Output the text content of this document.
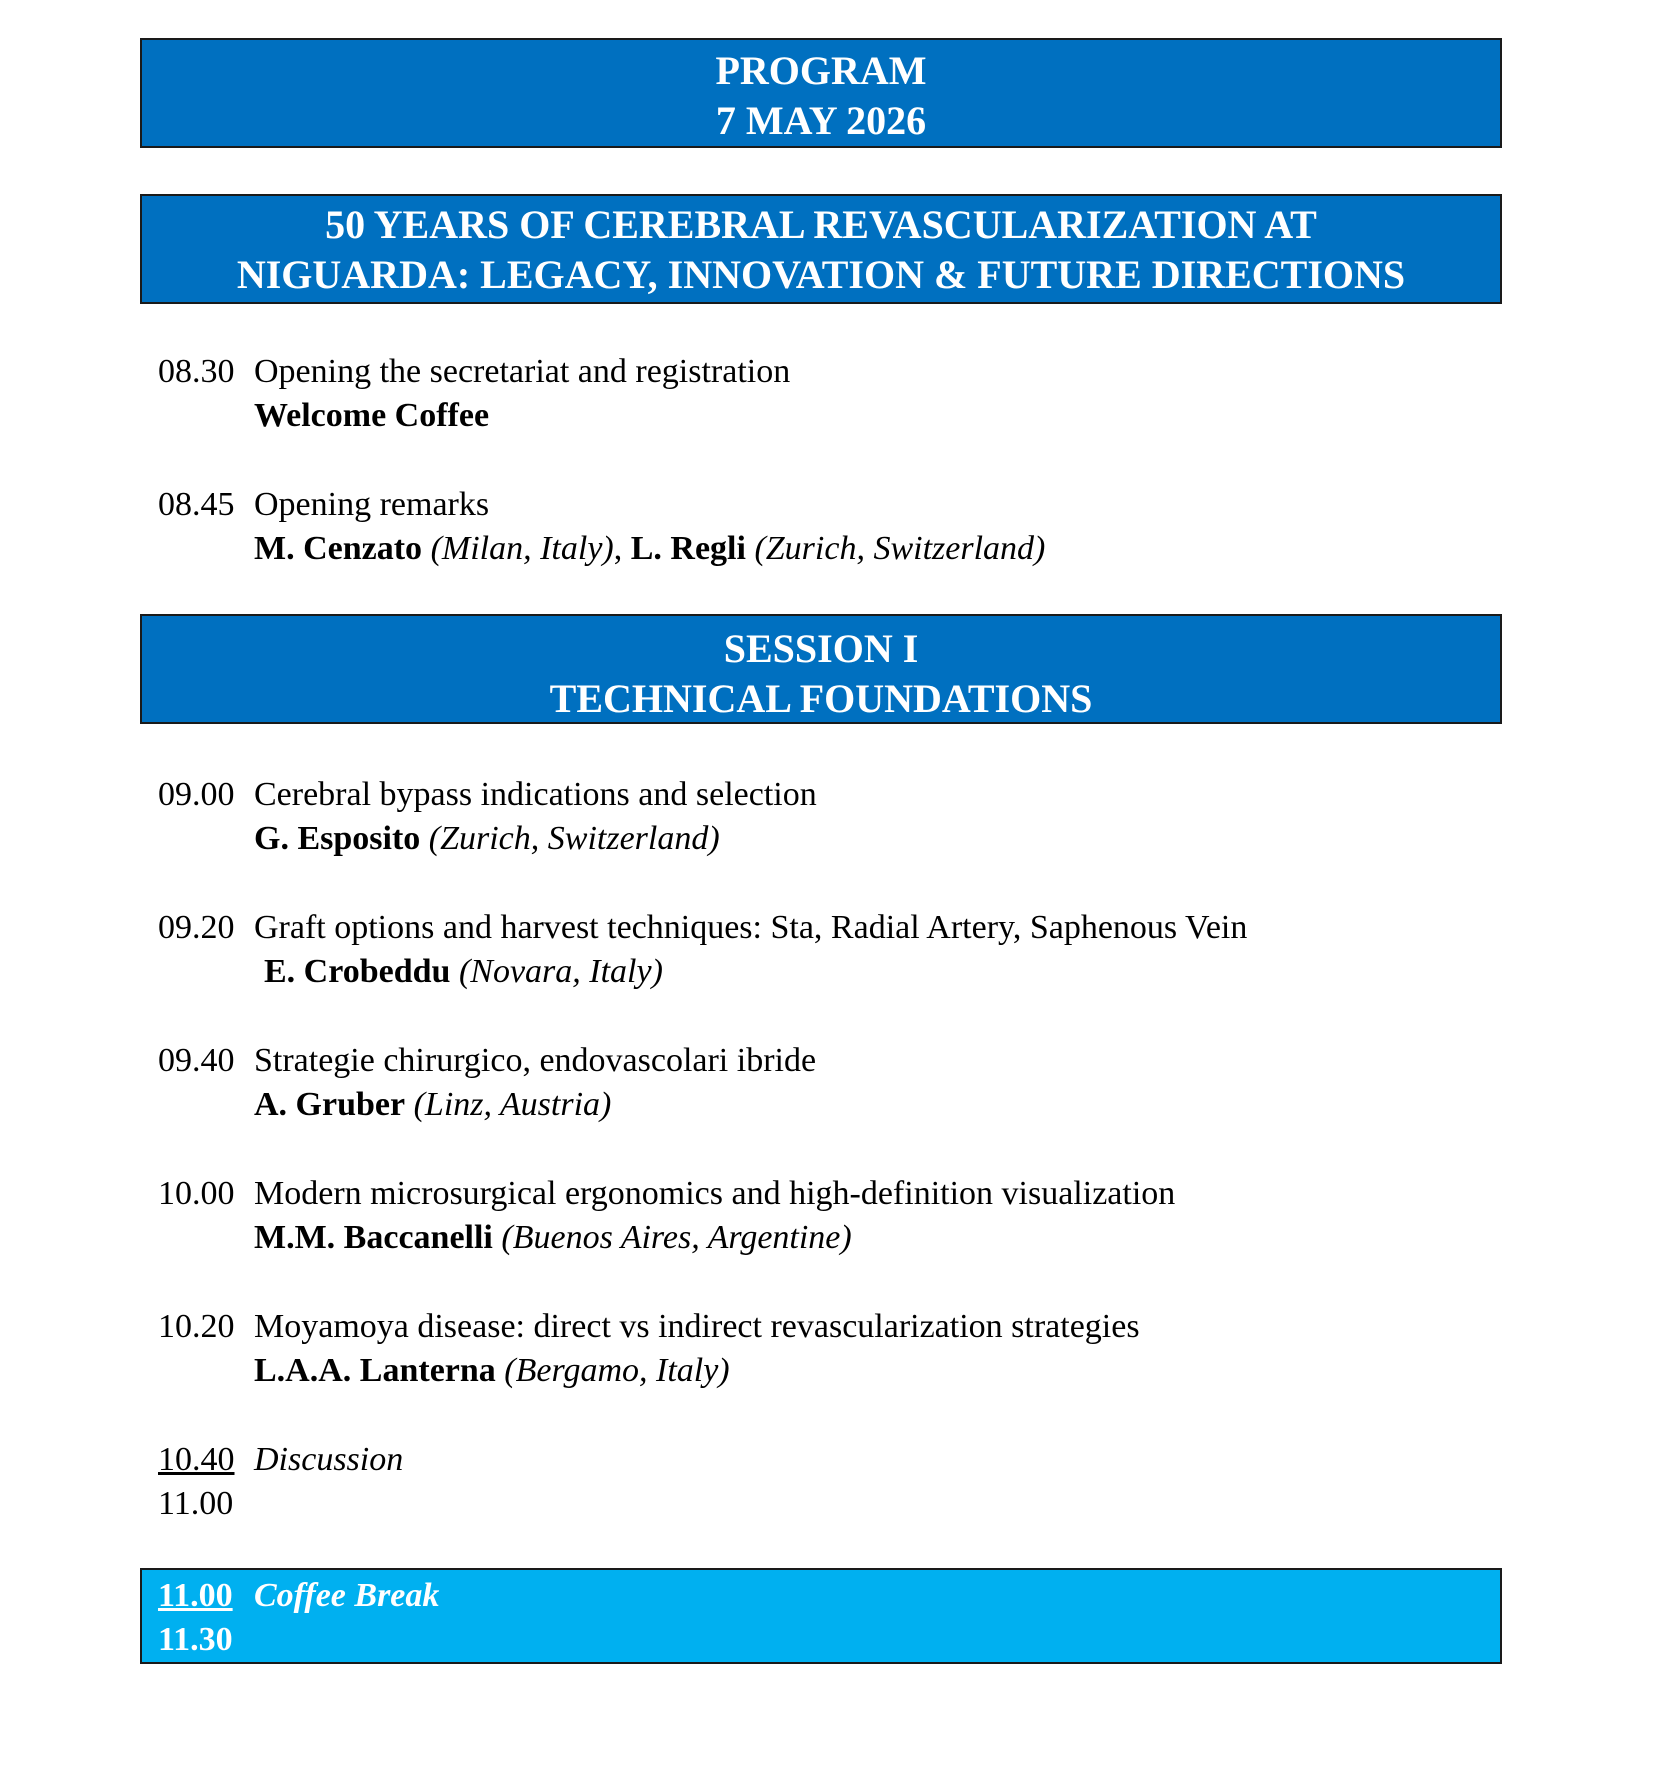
PROGRAM
7 MAY 2026
50 YEARS OF CEREBRAL REVASCULARIZATION AT
NIGUARDA: LEGACY, INNOVATION & FUTURE DIRECTIONS
08.30 Opening the secretariat and registration
Welcome Coffee
08.45 Opening remarks
M. Cenzato (Milan, Italy), L. Regli (Zurich, Switzerland)
SESSION I
TECHNICAL FOUNDATIONS
09.00 Cerebral bypass indications and selection
G. Esposito (Zurich, Switzerland)
09.20 Graft options and harvest techniques: Sta, Radial Artery, Saphenous Vein
E. Crobeddu (Novara, Italy)
09.40 Strategie chirurgico, endovascolari ibride
A. Gruber (Linz, Austria)
10.00 Modern microsurgical ergonomics and high-definition visualization
M.M. Baccanelli (Buenos Aires, Argentine)
10.20 Moyamoya disease: direct vs indirect revascularization strategies
L.A.A. Lanterna (Bergamo, Italy)
10.40 Discussion
11.00
11.00 Coffee Break
11.30
